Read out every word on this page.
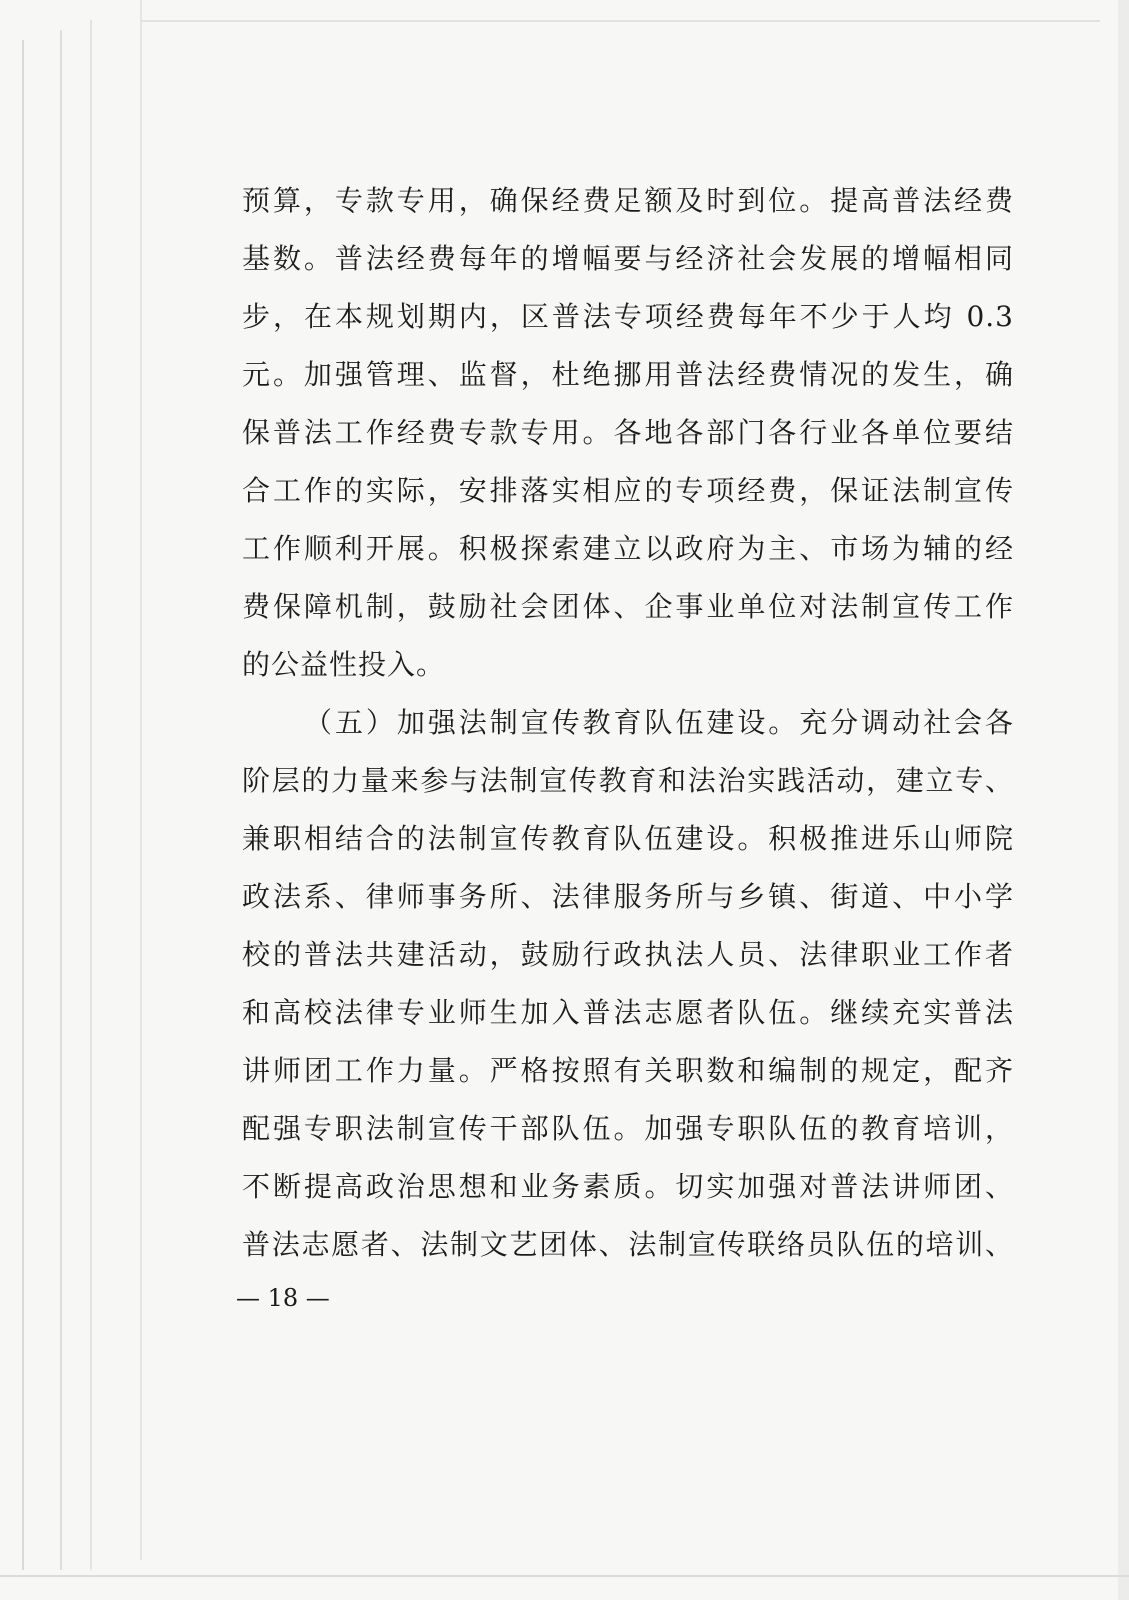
预算，专款专用，确保经费足额及时到位。提高普法经费
基数。普法经费每年的增幅要与经济社会发展的增幅相同
步，在本规划期内，区普法专项经费每年不少于人均 0.3
元。加强管理、监督，杜绝挪用普法经费情况的发生，确
保普法工作经费专款专用。各地各部门各行业各单位要结
合工作的实际，安排落实相应的专项经费，保证法制宣传
工作顺利开展。积极探索建立以政府为主、市场为辅的经
费保障机制，鼓励社会团体、企事业单位对法制宣传工作
的公益性投入。
（五）加强法制宣传教育队伍建设。充分调动社会各
阶层的力量来参与法制宣传教育和法治实践活动，建立专、
兼职相结合的法制宣传教育队伍建设。积极推进乐山师院
政法系、律师事务所、法律服务所与乡镇、街道、中小学
校的普法共建活动，鼓励行政执法人员、法律职业工作者
和高校法律专业师生加入普法志愿者队伍。继续充实普法
讲师团工作力量。严格按照有关职数和编制的规定，配齐
配强专职法制宣传干部队伍。加强专职队伍的教育培训，
不断提高政治思想和业务素质。切实加强对普法讲师团、
普法志愿者、法制文艺团体、法制宣传联络员队伍的培训、
— 18 —
